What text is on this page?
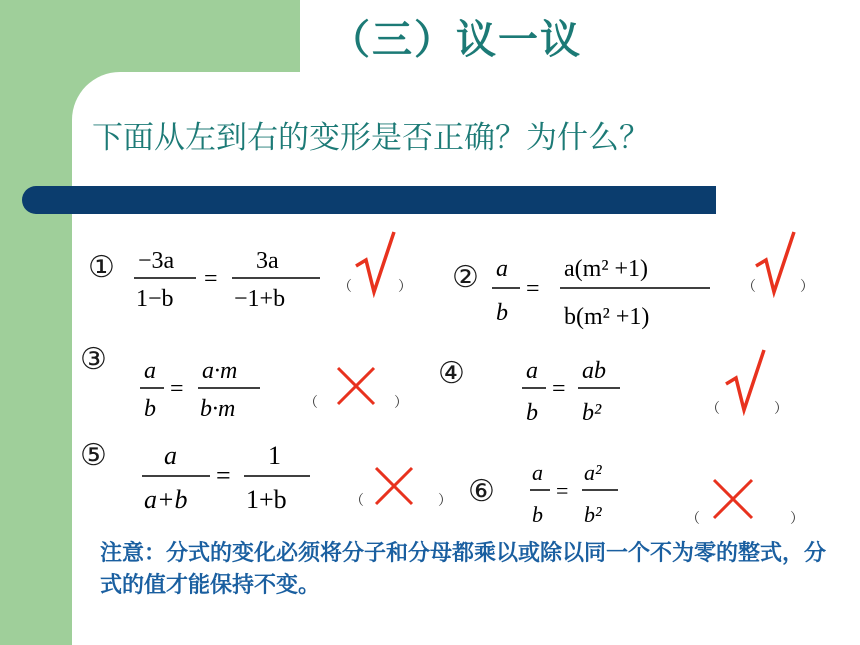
（三）议一议
下面从左到右的变形是否正确？为什么？
① −3a
1−b
=
3a
−1+b	（	） ② a
b
=
a(m² +1)
b(m² +1)
（	）
③ a
b
=
a·m
b·m	（	）
④	a
b
=
ab
b²	（	）
⑤ a
a+b
=
1
1+b	（	） ⑥
a
b
=
a²
b²	（	）
注意：分式的变化必须将分子和分母都乘以或除以同一个不为零的整式，分式的值才能保持不变。
